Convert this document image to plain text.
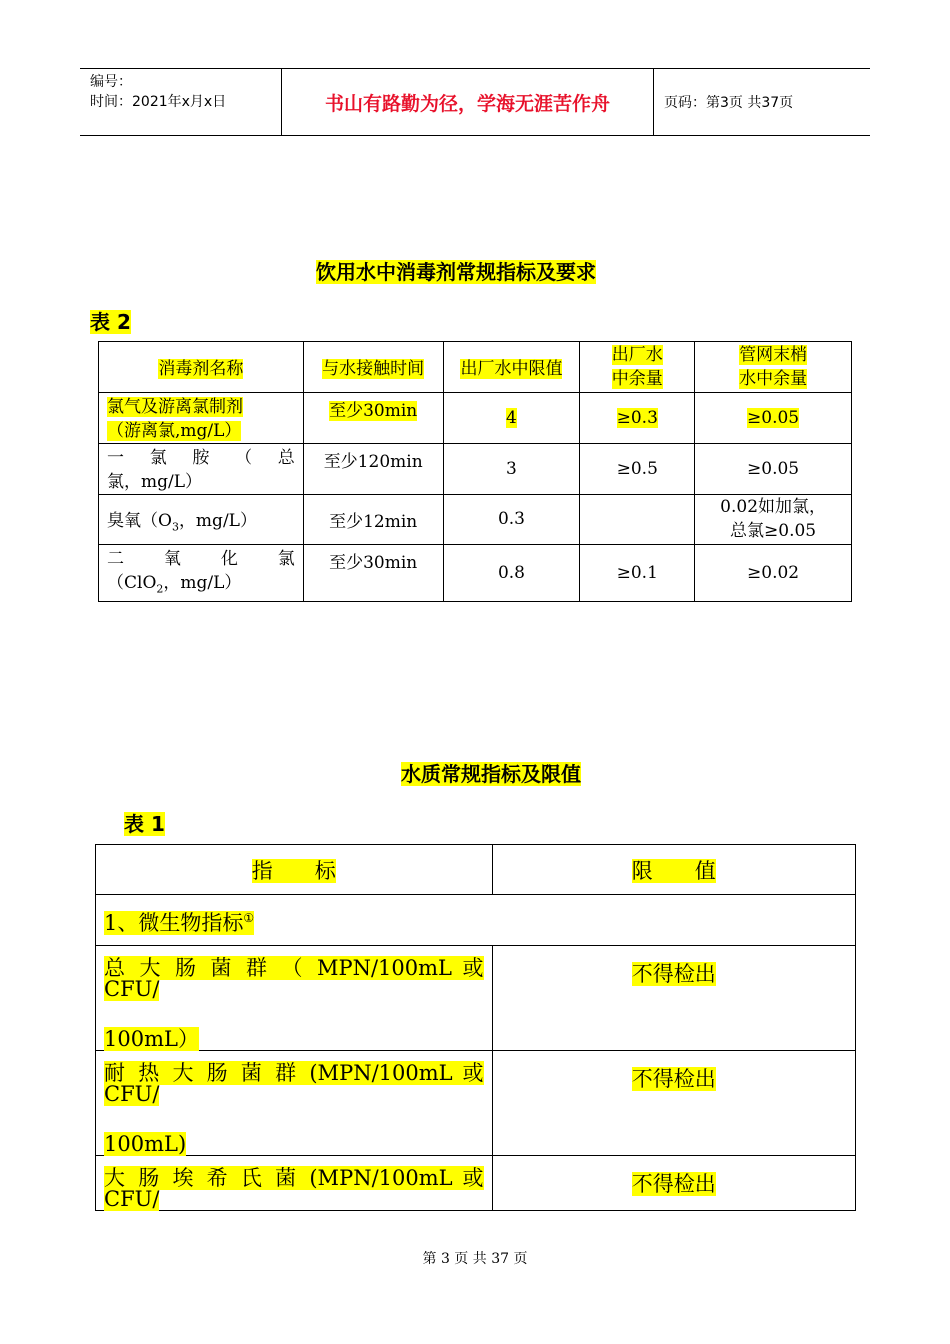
编号：
时间：2021年x月x日	书山有路勤为径，学海无涯苦作舟	页码：第3页 共37页
饮用水中消毒剂常规指标及要求
表 2
消毒剂名称	与水接触时间	出厂水中限值	出厂水
中余量	管网末梢
水中余量
氯气及游离氯制剂
（游离氯,mg/L）	至少30min	4	≥0.3	≥0.05

一 氯 胺 （ 总
氯，mg/L）	至少120min	3	≥0.5	≥0.05
臭氧（$O_3$，mg/L）	至少12min	0.3		0.02如加氯，
总氯≥0.05

二 氧 化 氯
（ClO$_2$，mg/L）	至少30min	0.8	≥0.1	≥0.02
水质常规指标及限值
表 1
指　　标	限　　值
1、微生物指标①

总 大 肠 菌 群 （ MPN/100mL 或 CFU/
100mL）	不得检出

耐 热 大 肠 菌 群 (MPN/100mL 或 CFU/
100mL)	不得检出

大 肠 埃 希 氏 菌 (MPN/100mL 或 CFU/	不得检出
第 3 页 共 37 页
